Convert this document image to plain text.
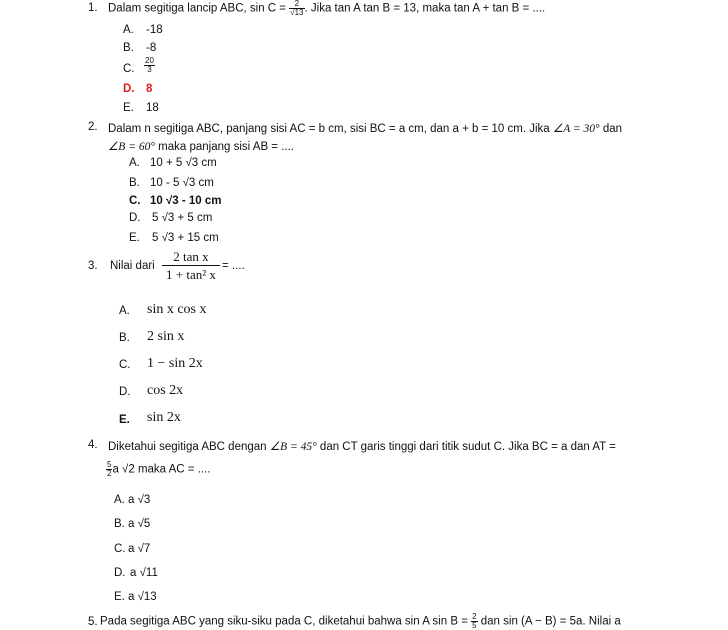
1. Dalam segitiga lancip ABC, $\sin C = \frac{2}{√13}$ . Jika tan A tan B = 13, maka tan A + tan B = ....
A. -18
B. -8
C. $\frac{20}{3}$
D. 8
E. 18
2. Dalam n segitiga ABC, panjang sisi AC = b cm, sisi BC = a cm, dan a + b = 10 cm. Jika ∠A = 30° dan
∠B = 60° maka panjang sisi AB = ....
A. 10 + 5 √3 cm
B. 10 - 5 √3 cm
C. 10 √3 - 10 cm
D. 5 √3 + 5 cm
E. 5 √3 + 15 cm
3. Nilai dari $\frac{\text{2 tan x}}{\text{1 + tan² x}}$ = ....
A. sin x cos x
B. 2 sin x
C. 1 − sin 2x
D. cos 2x
E. sin 2x
4. Diketahui segitiga ABC dengan ∠B = 45° dan CT garis tinggi dari titik sudut C. Jika BC = a dan AT =
$\frac{5}{2}$ a √2 maka AC = ....
A. a √3
B. a √5
C. a √7
D. a √11
E. a √13
5. Pada segitiga ABC yang siku-siku pada C, diketahui bahwa sin A $\sin B = \frac{2}{5}$ dan sin (A − B) = 5a. Nilai a
